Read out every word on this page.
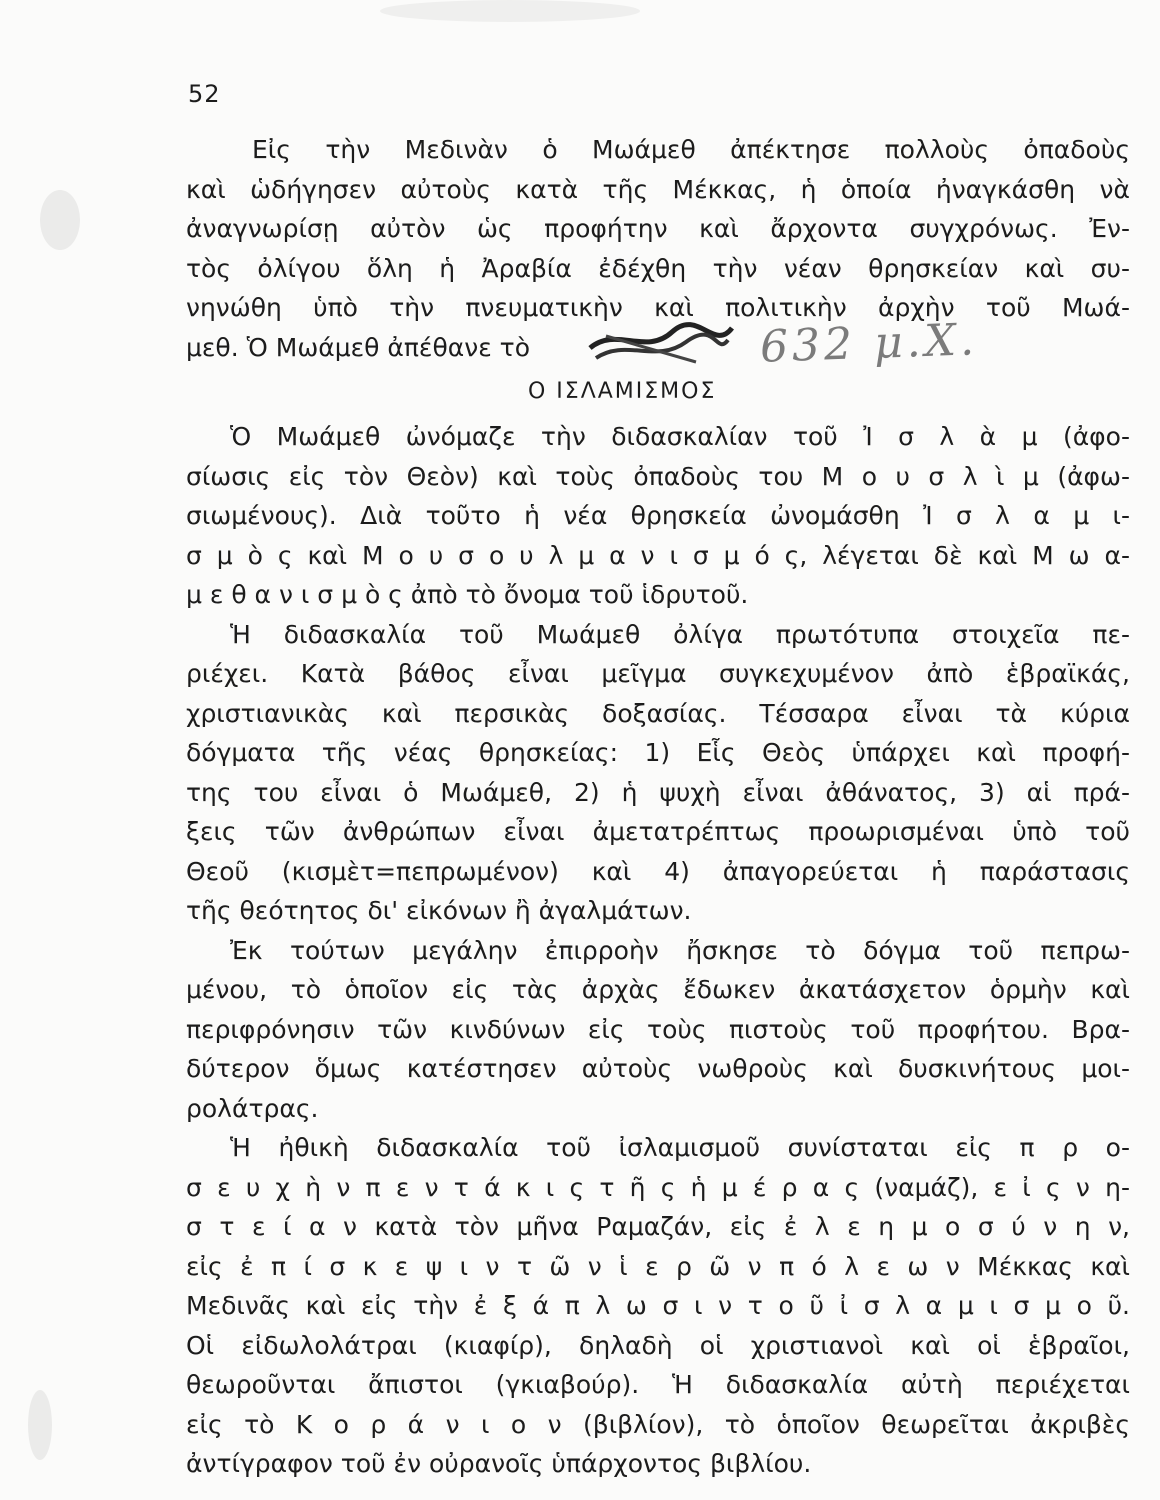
52
Εἰς τὴν Μεδινὰν ὁ Μωάμεθ ἀπέκτησε πολλοὺς ὀπαδοὺς
καὶ ὡδήγησεν αὐτοὺς κατὰ τῆς Μέκκας, ἡ ὁποία ἠναγκάσθη νὰ
ἀναγνωρίσῃ αὐτὸν ὡς προφήτην καὶ ἄρχοντα συγχρόνως. Ἐν-
τὸς ὀλίγου ὅλη ἡ Ἀραβία ἐδέχθη τὴν νέαν θρησκείαν καὶ συ-
νηνώθη ὑπὸ τὴν πνευματικὴν καὶ πολιτικὴν ἀρχὴν τοῦ Μωά-
μεθ. Ὁ Μωάμεθ ἀπέθανε τὸ
Ο ΙΣΛΑΜΙΣΜΟΣ
Ὁ Μωάμεθ ὠνόμαζε τὴν διδασκαλίαν τοῦ Ἰ σ λ ὰ μ (ἀφο-
σίωσις εἰς τὸν Θεὸν) καὶ τοὺς ὀπαδοὺς του Μ ο υ σ λ ὶ μ (ἀφω-
σιωμένους). Διὰ τοῦτο ἡ νέα θρησκεία ὠνομάσθη Ἰ σ λ α μ ι-
σ μ ὸ ς καὶ Μ ο υ σ ο υ λ μ α ν ι σ μ ό ς, λέγεται δὲ καὶ Μ ω α-
μ ε θ α ν ι σ μ ὸ ς ἀπὸ τὸ ὄνομα τοῦ ἱδρυτοῦ.
Ἡ διδασκαλία τοῦ Μωάμεθ ὀλίγα πρωτότυπα στοιχεῖα πε-
ριέχει. Κατὰ βάθος εἶναι μεῖγμα συγκεχυμένον ἀπὸ ἑβραϊκάς,
χριστιανικὰς καὶ περσικὰς δοξασίας. Τέσσαρα εἶναι τὰ κύρια
δόγματα τῆς νέας θρησκείας: 1) Εἷς Θεὸς ὑπάρχει καὶ προφή-
της του εἶναι ὁ Μωάμεθ, 2) ἡ ψυχὴ εἶναι ἀθάνατος, 3) αἱ πρά-
ξεις τῶν ἀνθρώπων εἶναι ἀμετατρέπτως προωρισμέναι ὑπὸ τοῦ
Θεοῦ (κισμὲτ=πεπρωμένον) καὶ 4) ἀπαγορεύεται ἡ παράστασις
τῆς θεότητος δι' εἰκόνων ἢ ἀγαλμάτων.
Ἐκ τούτων μεγάλην ἐπιρροὴν ἤσκησε τὸ δόγμα τοῦ πεπρω-
μένου, τὸ ὁποῖον εἰς τὰς ἀρχὰς ἔδωκεν ἀκατάσχετον ὁρμὴν καὶ
περιφρόνησιν τῶν κινδύνων εἰς τοὺς πιστοὺς τοῦ προφήτου. Βρα-
δύτερον ὅμως κατέστησεν αὐτοὺς νωθροὺς καὶ δυσκινήτους μοι-
ρολάτρας.
Ἡ ἠθικὴ διδασκαλία τοῦ ἰσλαμισμοῦ συνίσταται εἰς π ρ ο-
σ ε υ χ ὴ ν π ε ν τ ά κ ι ς τ ῆ ς ἡ μ έ ρ α ς (ναμάζ), ε ἰ ς ν η-
σ τ ε ί α ν κατὰ τὸν μῆνα Ραμαζάν, εἰς ἐ λ ε η μ ο σ ύ ν η ν,
εἰς ἐ π ί σ κ ε ψ ι ν τ ῶ ν ἱ ε ρ ῶ ν π ό λ ε ω ν Μέκκας καὶ
Μεδινᾶς καὶ εἰς τὴν ἐ ξ ά π λ ω σ ι ν τ ο ῦ ἰ σ λ α μ ι σ μ ο ῦ.
Οἱ εἰδωλολάτραι (κιαφίρ), δηλαδὴ οἱ χριστιανοὶ καὶ οἱ ἑβραῖοι,
θεωροῦνται ἄπιστοι (γκιαβούρ). Ἡ διδασκαλία αὐτὴ περιέχεται
εἰς τὸ Κ ο ρ ά ν ι ο ν (βιβλίον), τὸ ὁποῖον θεωρεῖται ἀκριβὲς
ἀντίγραφον τοῦ ἐν οὐρανοῖς ὑπάρχοντος βιβλίου.
632 μ.Χ.
